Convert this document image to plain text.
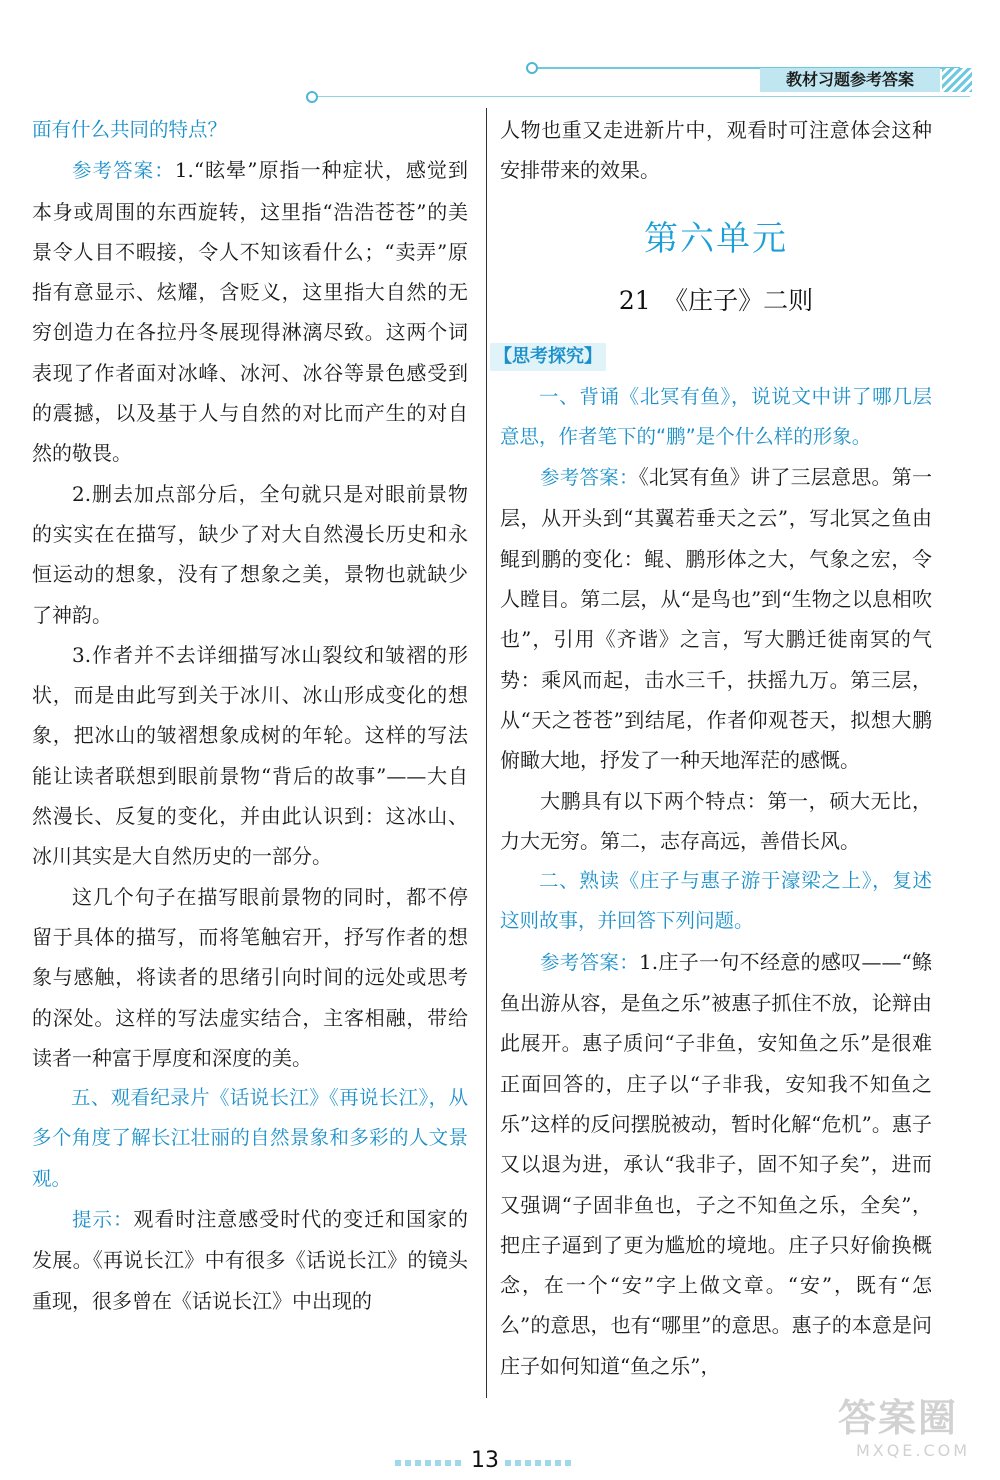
教材习题参考答案

面有什么共同的特点？

参考答案：1.“眩晕”原指一种症状，感觉到本身或周围的东西旋转，这里指“浩浩苍苍”的美景令人目不暇接，令人不知该看什么；“卖弄”原指有意显示、炫耀，含贬义，这里指大自然的无穷创造力在各拉丹冬展现得淋漓尽致。这两个词表现了作者面对冰峰、冰河、冰谷等景色感受到的震撼，以及基于人与自然的对比而产生的对自然的敬畏。

2.删去加点部分后，全句就只是对眼前景物的实实在在描写，缺少了对大自然漫长历史和永恒运动的想象，没有了想象之美，景物也就缺少了神韵。

3.作者并不去详细描写冰山裂纹和皱褶的形状，而是由此写到关于冰川、冰山形成变化的想象，把冰山的皱褶想象成树的年轮。这样的写法能让读者联想到眼前景物“背后的故事”——大自然漫长、反复的变化，并由此认识到：这冰山、冰川其实是大自然历史的一部分。

这几个句子在描写眼前景物的同时，都不停留于具体的描写，而将笔触宕开，抒写作者的想象与感触，将读者的思绪引向时间的远处或思考的深处。这样的写法虚实结合，主客相融，带给读者一种富于厚度和深度的美。

五、观看纪录片《话说长江》《再说长江》，从多个角度了解长江壮丽的自然景象和多彩的人文景观。

提示：观看时注意感受时代的变迁和国家的发展。《再说长江》中有很多《话说长江》的镜头重现，很多曾在《话说长江》中出现的

人物也重又走进新片中，观看时可注意体会这种安排带来的效果。

第六单元
21　《庄子》二则
【思考探究】

一、背诵《北冥有鱼》，说说文中讲了哪几层意思，作者笔下的“鹏”是个什么样的形象。

参考答案：《北冥有鱼》讲了三层意思。第一层，从开头到“其翼若垂天之云”，写北冥之鱼由鲲到鹏的变化：鲲、鹏形体之大，气象之宏，令人瞠目。第二层，从“是鸟也”到“生物之以息相吹也”，引用《齐谐》之言，写大鹏迁徙南冥的气势：乘风而起，击水三千，扶摇九万。第三层，从“天之苍苍”到结尾，作者仰观苍天，拟想大鹏俯瞰大地，抒发了一种天地浑茫的感慨。

大鹏具有以下两个特点：第一，硕大无比，力大无穷。第二，志存高远，善借长风。

二、熟读《庄子与惠子游于濠梁之上》，复述这则故事，并回答下列问题。

参考答案：1.庄子一句不经意的感叹——“鲦鱼出游从容，是鱼之乐”被惠子抓住不放，论辩由此展开。惠子质问“子非鱼，安知鱼之乐”是很难正面回答的，庄子以“子非我，安知我不知鱼之乐”这样的反问摆脱被动，暂时化解“危机”。惠子又以退为进，承认“我非子，固不知子矣”，进而又强调“子固非鱼也，子之不知鱼之乐，全矣”，把庄子逼到了更为尴尬的境地。庄子只好偷换概念，在一个“安”字上做文章。“安”，既有“怎么”的意思，也有“哪里”的意思。惠子的本意是问庄子如何知道“鱼之乐”，

13
答案圈
MXQE.COM
